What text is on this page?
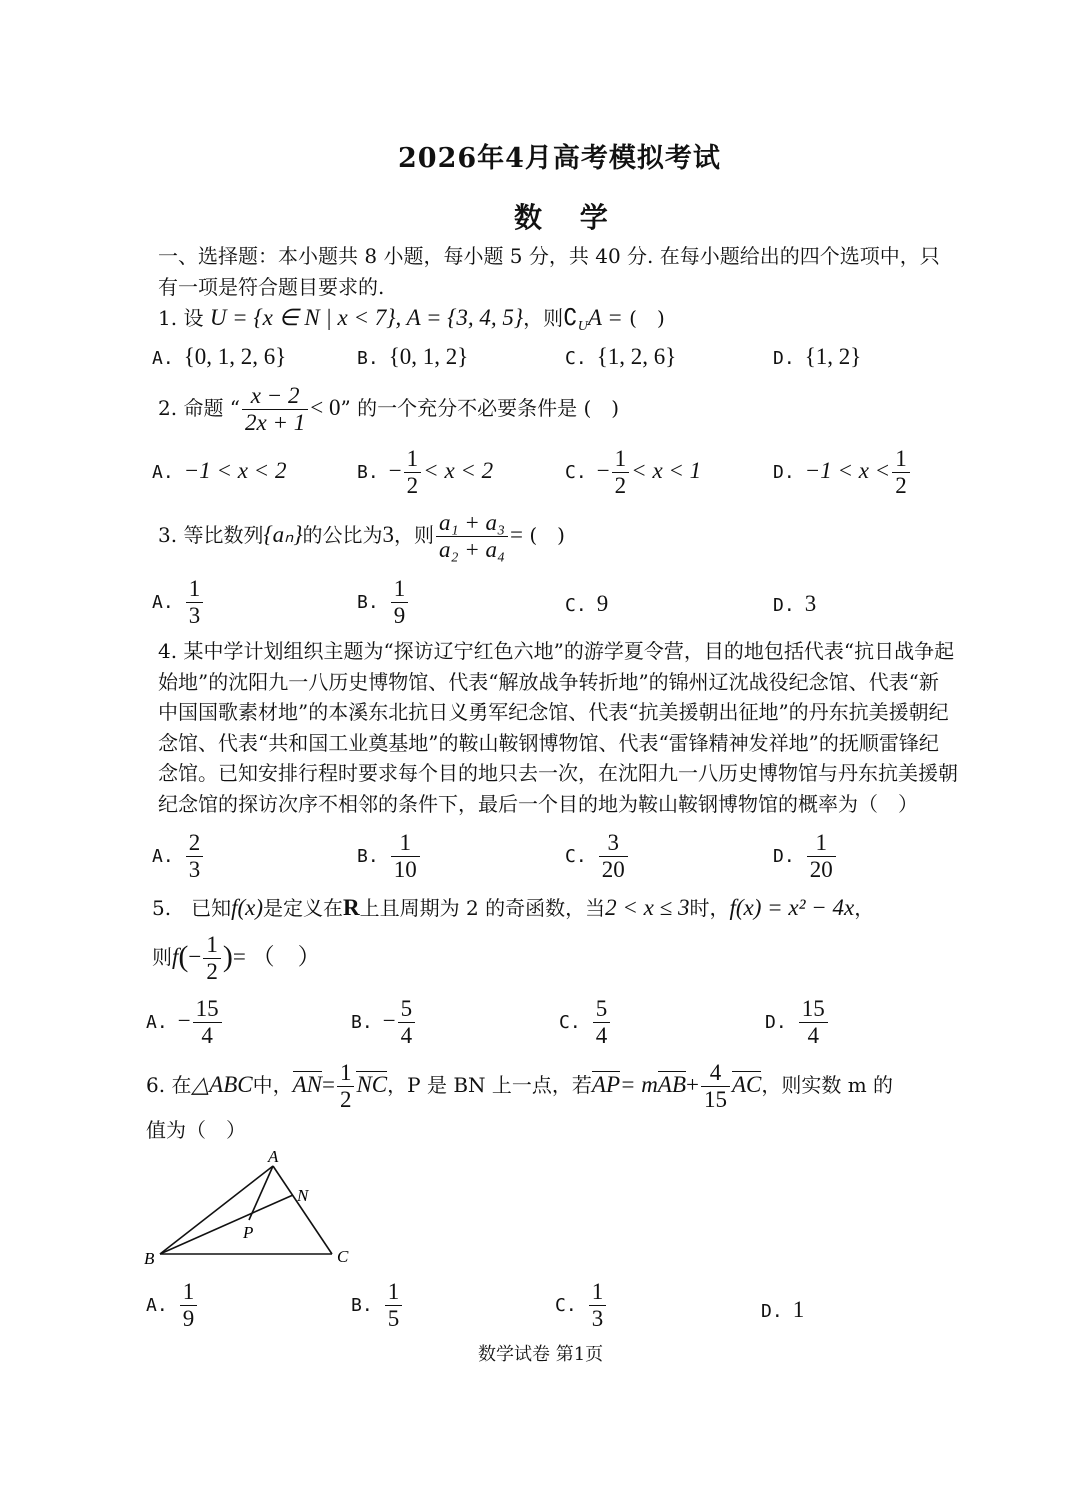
2026年4月高考模拟考试
数 学
一、选择题：本小题共 8 小题，每小题 5 分，共 40 分. 在每小题给出的四个选项中，只有一项是符合题目要求的.
1. 设 U = {x ∈ N | x < 7}, A = {3, 4, 5}，则$∁_UA$ = (　)
A. {0, 1, 2, 6}	B. {0, 1, 2}	C. {1, 2, 6}	D. {1, 2}
2. 命题 “ $\frac{x - 2}{2x + 1} < 0$” 的一个充分不必要条件是 (　)
A. −1 < x < 2	B. − $\frac{1}{2} < x < 2$	C. − $\frac{1}{2} < x < 1$	D. $-1 < x < \frac{1}{2}$
3. 等比数列{aₙ}的公比为3，则 $\frac{\text{a₁ + a₃}}{\text{a₂ + a₄}}$ = (　)
A. $\frac{1}{3}$	B. $\frac{1}{9}$	C. 9	D. 3
4. 某中学计划组织主题为“探访辽宁红色六地”的游学夏令营，目的地包括代表“抗日战争起始地”的沈阳九一八历史博物馆、代表“解放战争转折地”的锦州辽沈战役纪念馆、代表“新中国国歌素材地”的本溪东北抗日义勇军纪念馆、代表“抗美援朝出征地”的丹东抗美援朝纪念馆、代表“共和国工业奠基地”的鞍山鞍钢博物馆、代表“雷锋精神发祥地”的抚顺雷锋纪念馆。已知安排行程时要求每个目的地只去一次，在沈阳九一八历史博物馆与丹东抗美援朝纪念馆的探访次序不相邻的条件下，最后一个目的地为鞍山鞍钢博物馆的概率为（　）
A. $\frac{2}{3}$	B. $\frac{1}{10}$	C. $\frac{3}{20}$	D. $\frac{1}{20}$
5.　已知f(x)是定义在R上且周期为 2 的奇函数，当2 < x ≤ 3时，f(x) = x² − 4x，
则$f(- \frac{1}{2}$ )= （　）
A. − $\frac{15}{4}$	B. − $\frac{5}{4}$	C. $\frac{5}{4}$	D. $\frac{15}{4}$
6. 在△ABC中，$AN= \frac{1}{2}$ NC，P 是 BN 上一点，若$AP= mAB+ \frac{4}{15}$ AC，则实数 m 的
值为（　）
A
B	C
N
P
A. $\frac{1}{9}$	B. $\frac{1}{5}$	C. $\frac{1}{3}$	D. 1
数学试卷 第1页
